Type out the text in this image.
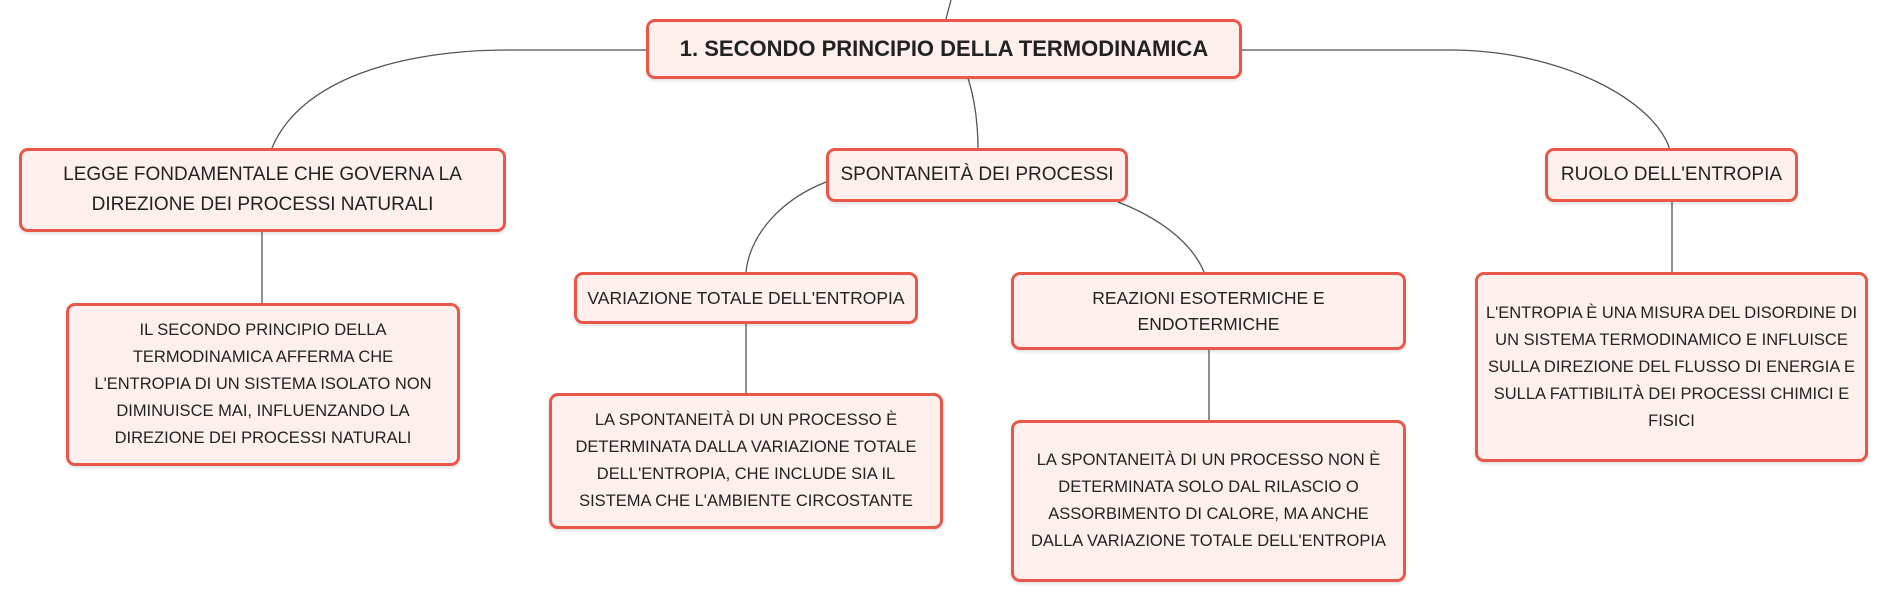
1. SECONDO PRINCIPIO DELLA TERMODINAMICA
LEGGE FONDAMENTALE CHE GOVERNA LA DIREZIONE DEI PROCESSI NATURALI
SPONTANEITÀ DEI PROCESSI	RUOLO DELL'ENTROPIA
VARIAZIONE TOTALE DELL'ENTROPIA	REAZIONI ESOTERMICHE E ENDOTERMICHE
IL SECONDO PRINCIPIO DELLA TERMODINAMICA AFFERMA CHE L'ENTROPIA DI UN SISTEMA ISOLATO NON DIMINUISCE MAI, INFLUENZANDO LA DIREZIONE DEI PROCESSI NATURALI
LA SPONTANEITÀ DI UN PROCESSO È DETERMINATA DALLA VARIAZIONE TOTALE DELL'ENTROPIA, CHE INCLUDE SIA IL SISTEMA CHE L'AMBIENTE CIRCOSTANTE
LA SPONTANEITÀ DI UN PROCESSO NON È DETERMINATA SOLO DAL RILASCIO O ASSORBIMENTO DI CALORE, MA ANCHE DALLA VARIAZIONE TOTALE DELL'ENTROPIA
L'ENTROPIA È UNA MISURA DEL DISORDINE DI UN SISTEMA TERMODINAMICO E INFLUISCE SULLA DIREZIONE DEL FLUSSO DI ENERGIA E SULLA FATTIBILITÀ DEI PROCESSI CHIMICI E FISICI
